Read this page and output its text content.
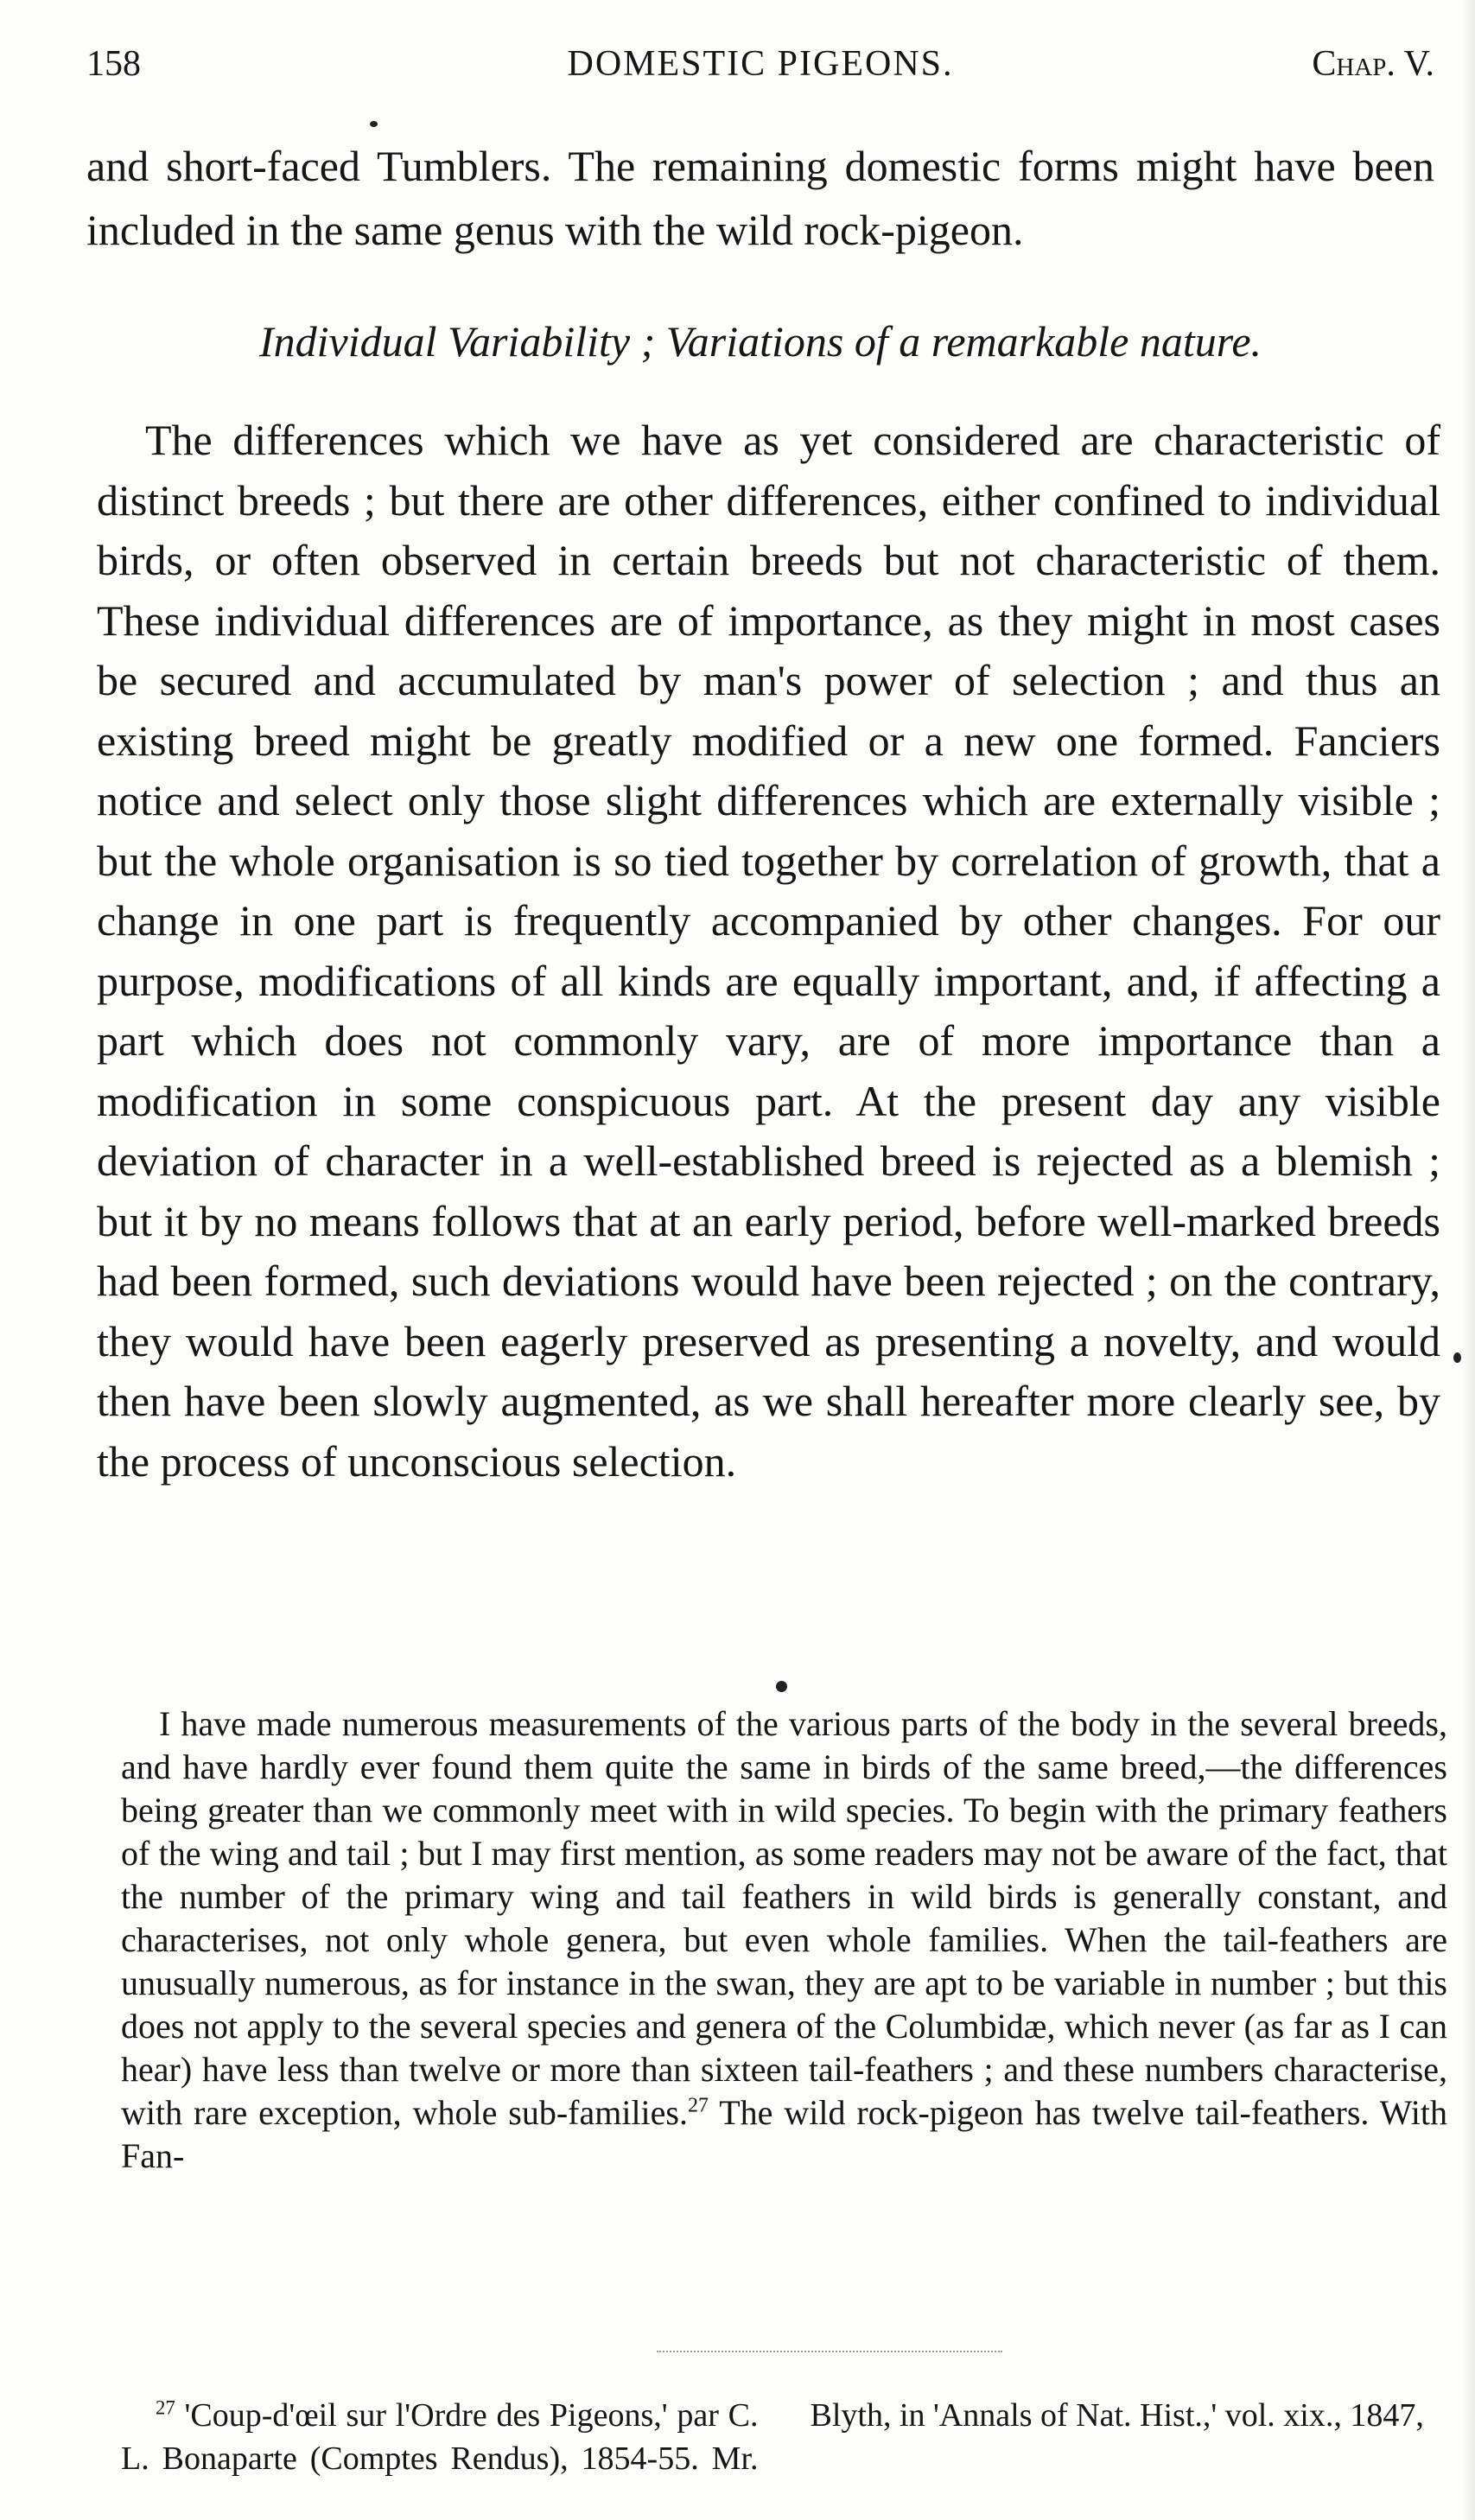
158	DOMESTIC PIGEONS.	Chap. V.
and short-faced Tumblers. The remaining domestic forms might have been included in the same genus with the wild rock-pigeon.
Individual Variability ; Variations of a remarkable nature.

The differences which we have as yet considered are characteristic of distinct breeds ; but there are other differences, either confined to individual birds, or often observed in certain breeds but not characteristic of them. These individual differences are of importance, as they might in most cases be secured and accumulated by man's power of selection ; and thus an existing breed might be greatly modified or a new one formed. Fanciers notice and select only those slight differences which are externally visible ; but the whole organisation is so tied together by correlation of growth, that a change in one part is frequently accompanied by other changes. For our purpose, modifications of all kinds are equally important, and, if affecting a part which does not commonly vary, are of more importance than a modification in some conspicuous part. At the present day any visible deviation of character in a well-established breed is rejected as a blemish ; but it by no means follows that at an early period, before well-marked breeds had been formed, such deviations would have been rejected ; on the contrary, they would have been eagerly preserved as presenting a novelty, and would then have been slowly augmented, as we shall hereafter more clearly see, by the process of unconscious selection.

I have made numerous measurements of the various parts of the body in the several breeds, and have hardly ever found them quite the same in birds of the same breed,—the differences being greater than we commonly meet with in wild species. To begin with the primary feathers of the wing and tail ; but I may first mention, as some readers may not be aware of the fact, that the number of the primary wing and tail feathers in wild birds is generally constant, and characterises, not only whole genera, but even whole families. When the tail-feathers are unusually numerous, as for instance in the swan, they are apt to be variable in number ; but this does not apply to the several species and genera of the Columbidæ, which never (as far as I can hear) have less than twelve or more than sixteen tail-feathers ; and these numbers characterise, with rare exception, whole sub-families.$^{27}$ The wild rock-pigeon has twelve tail-feathers. With Fan-

$^{27}$ 'Coup-d'œil sur l'Ordre des Pigeons,' par C. L. Bonaparte (Comptes Rendus), 1854-55. Mr. Blyth, in 'Annals of Nat. Hist.,' vol. xix., 1847,
